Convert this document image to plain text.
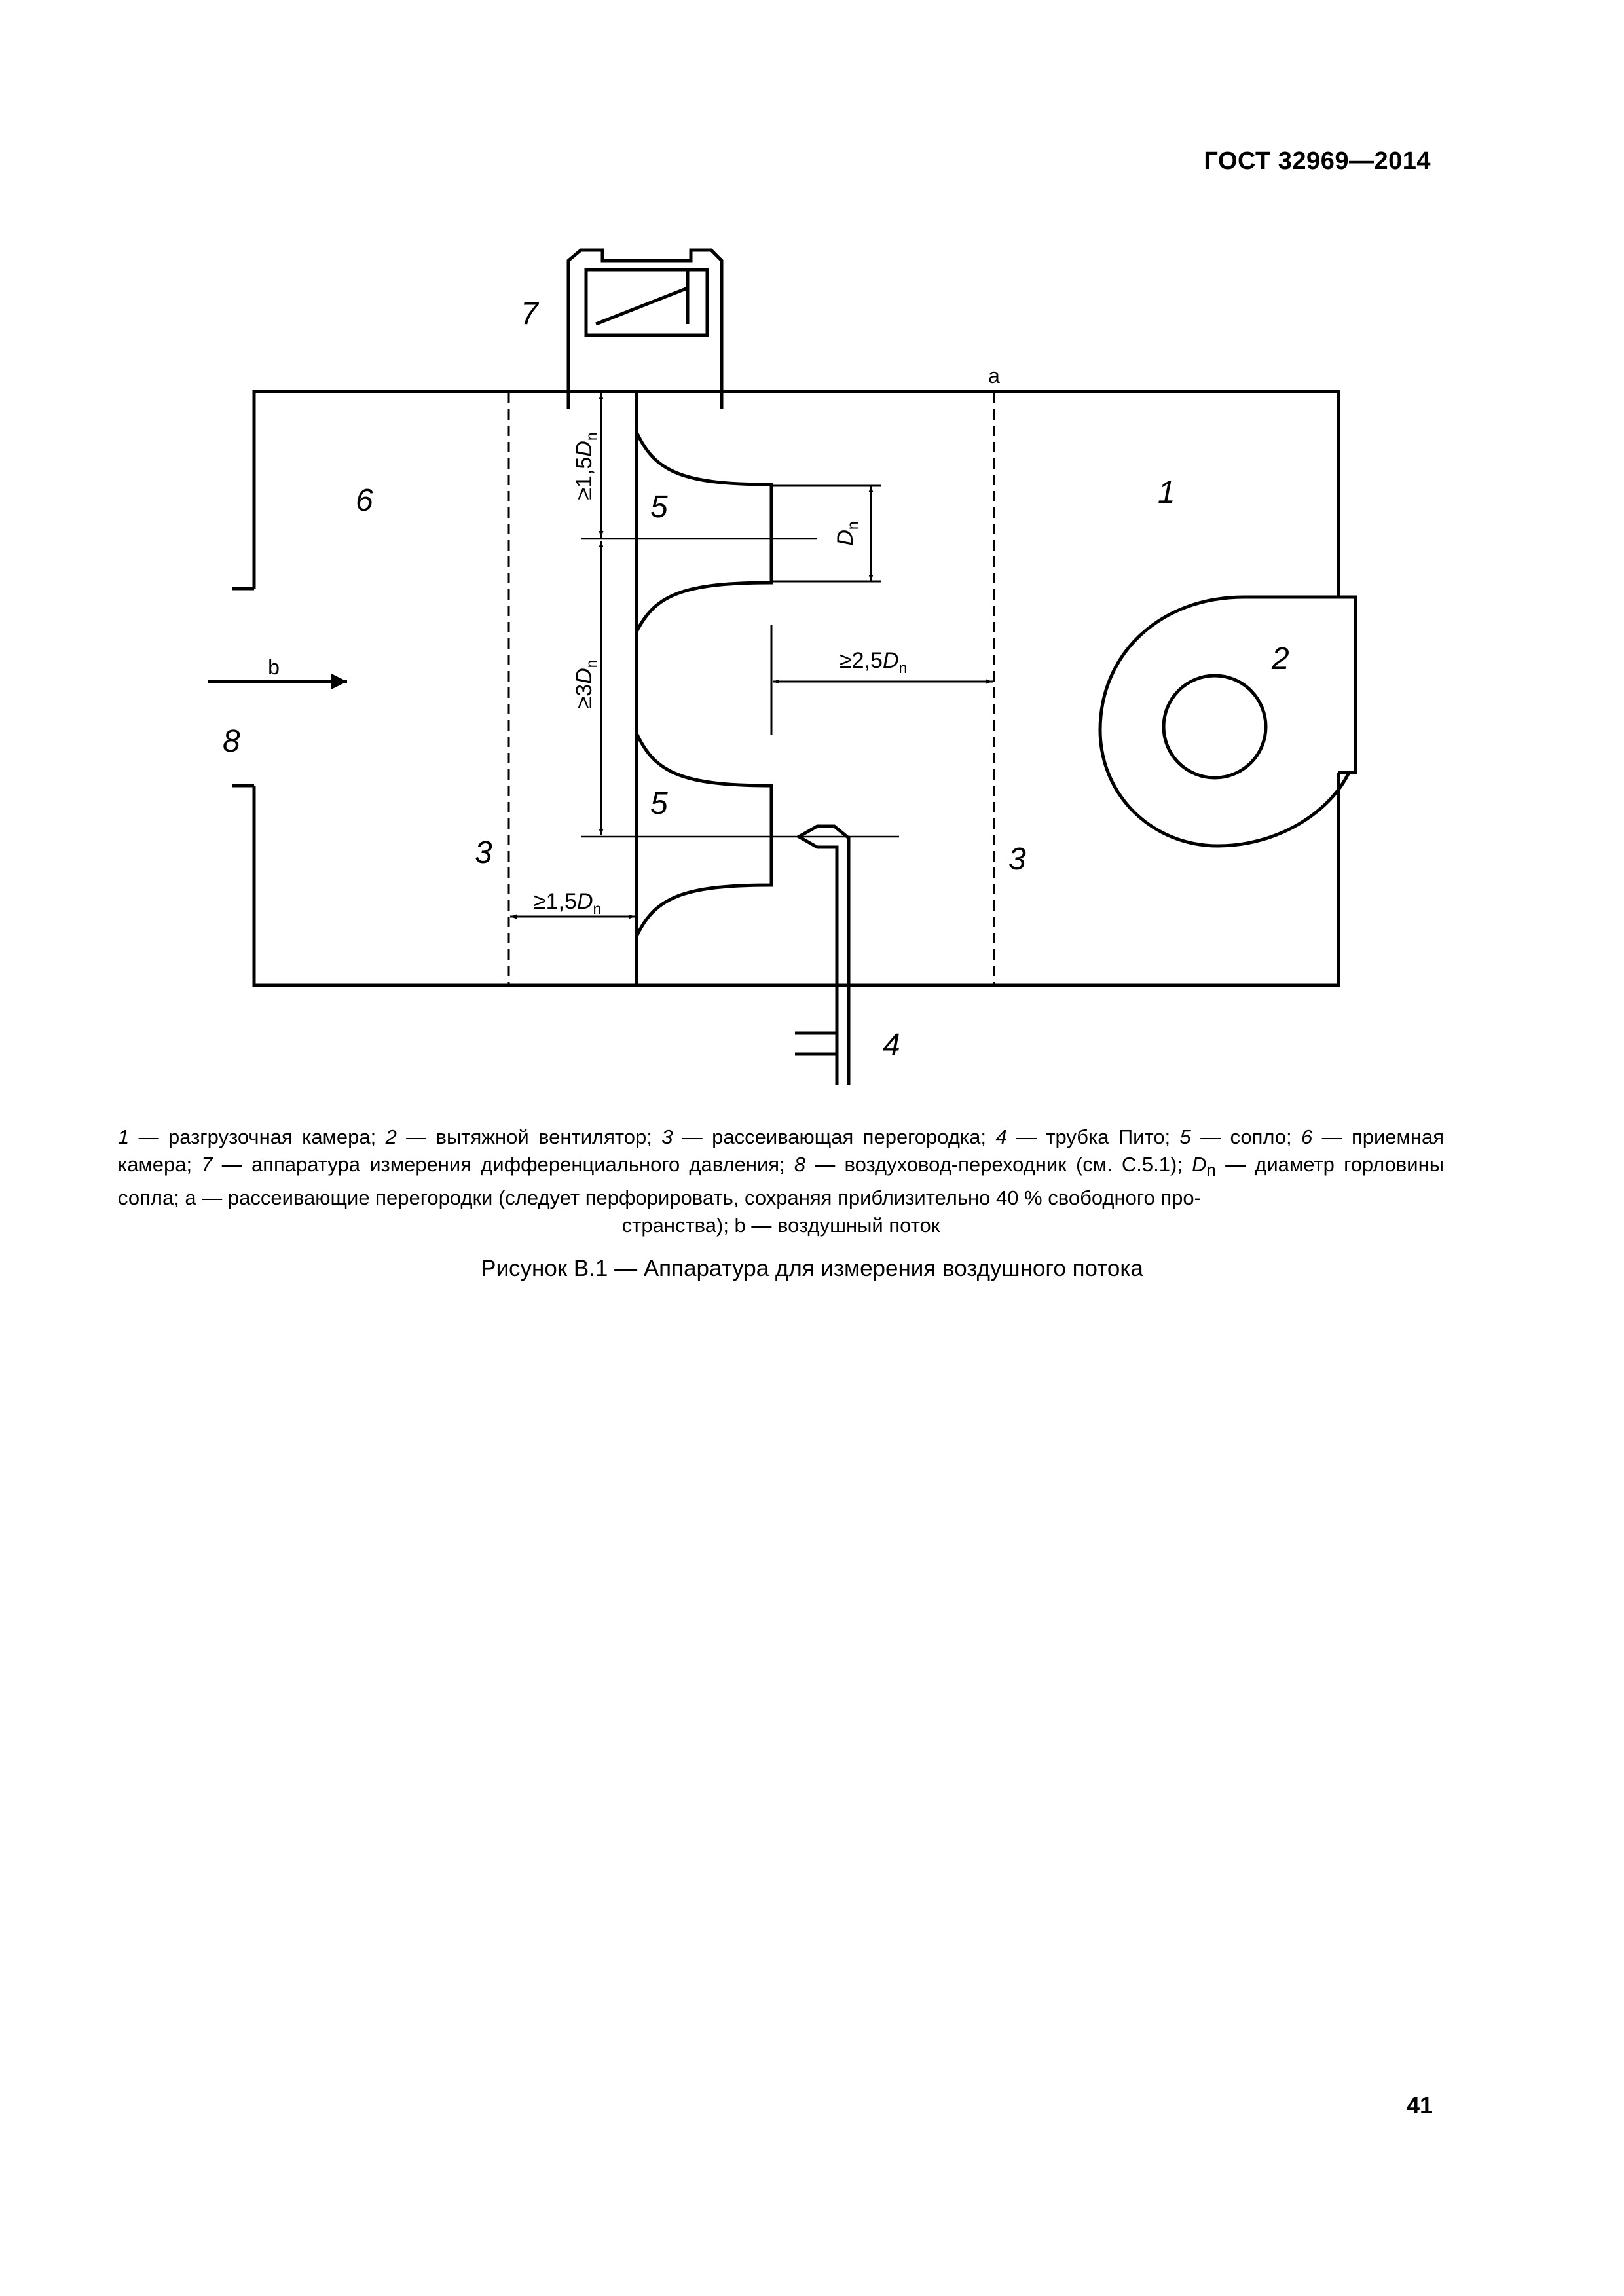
ГОСТ 32969—2014
b
$\ge 1,5D_n$
$\ge 3D_n$
$D_n$
$\ge 2,5D_n$
$\ge 1,5D_n$
1
2
3	3
4
5
5
6
7
8
a
1 — разгрузочная камера; 2 — вытяжной вентилятор; 3 — рассеивающая перегородка; 4 — трубка Пито; 5 — сопло; 6 — приемная камера; 7 — аппаратура измерения дифференциального давления; 8 — воздуховод-переходник (см. С.5.1); $D_n$ — диаметр горловины сопла; a — рассеивающие перегородки (следует перфорировать, сохраняя приблизительно 40 % свободного про-
странства); b — воздушный поток
Рисунок В.1 — Аппаратура для измерения воздушного потока
41
